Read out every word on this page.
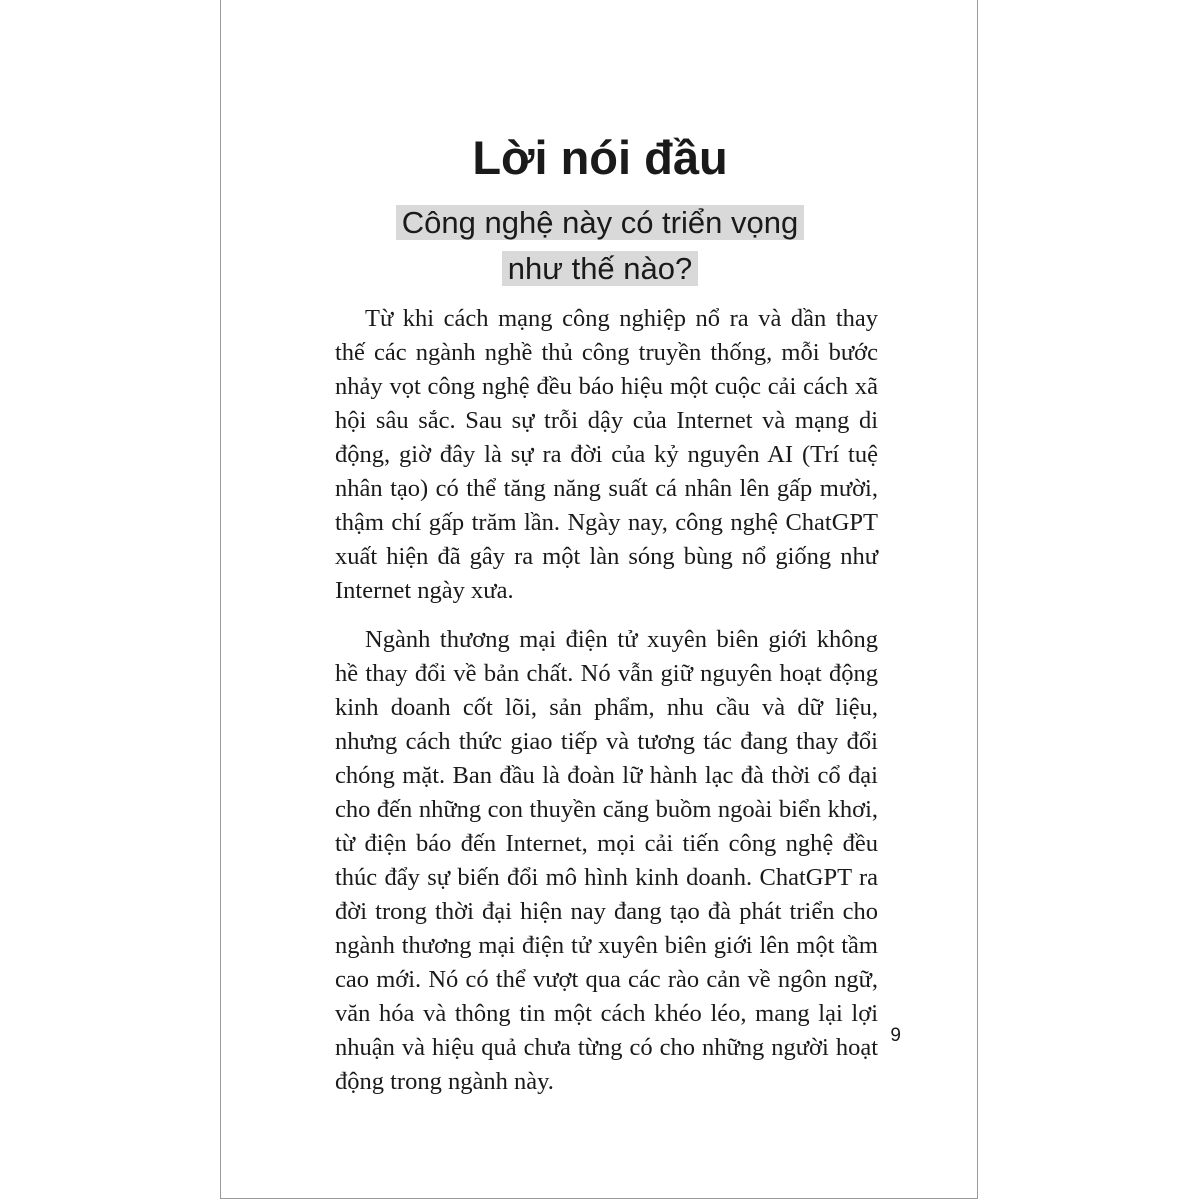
Lời nói đầu

Công nghệ này có triển vọng
như thế nào?

Từ khi cách mạng công nghiệp nổ ra và dần thay thế các ngành nghề thủ công truyền thống, mỗi bước nhảy vọt công nghệ đều báo hiệu một cuộc cải cách xã hội sâu sắc. Sau sự trỗi dậy của Internet và mạng di động, giờ đây là sự ra đời của kỷ nguyên AI (Trí tuệ nhân tạo) có thể tăng năng suất cá nhân lên gấp mười, thậm chí gấp trăm lần. Ngày nay, công nghệ ChatGPT xuất hiện đã gây ra một làn sóng bùng nổ giống như Internet ngày xưa.

Ngành thương mại điện tử xuyên biên giới không hề thay đổi về bản chất. Nó vẫn giữ nguyên hoạt động kinh doanh cốt lõi, sản phẩm, nhu cầu và dữ liệu, nhưng cách thức giao tiếp và tương tác đang thay đổi chóng mặt. Ban đầu là đoàn lữ hành lạc đà thời cổ đại cho đến những con thuyền căng buồm ngoài biển khơi, từ điện báo đến Internet, mọi cải tiến công nghệ đều thúc đẩy sự biến đổi mô hình kinh doanh. ChatGPT ra đời trong thời đại hiện nay đang tạo đà phát triển cho ngành thương mại điện tử xuyên biên giới lên một tầm cao mới. Nó có thể vượt qua các rào cản về ngôn ngữ, văn hóa và thông tin một cách khéo léo, mang lại lợi nhuận và hiệu quả chưa từng có cho những người hoạt động trong ngành này.

9
